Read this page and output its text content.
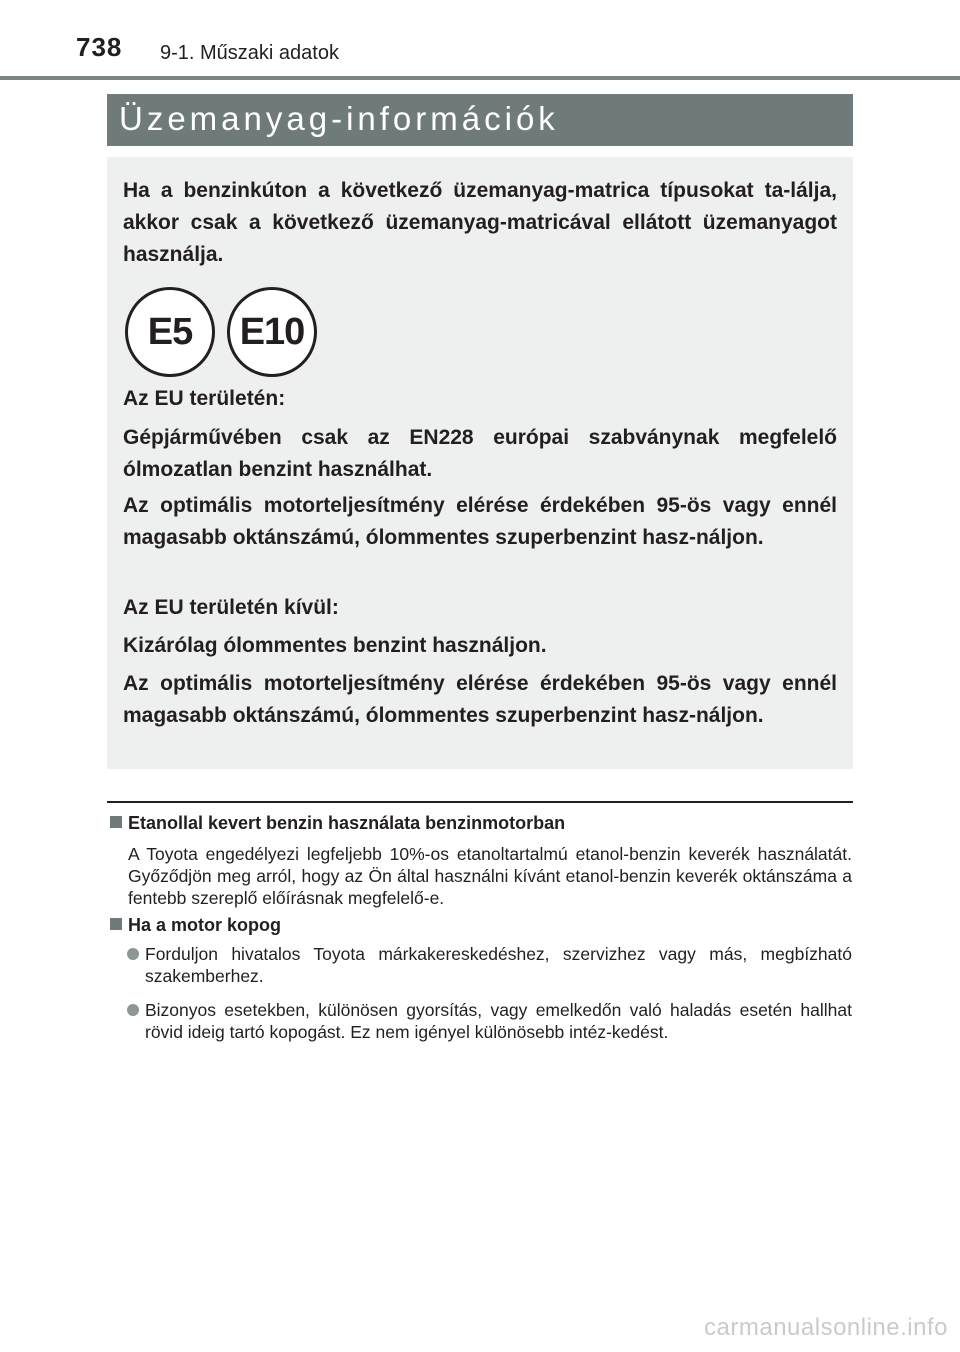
738 9-1. Műszaki adatok
Üzemanyag-információk
Ha a benzinkúton a következő üzemanyag-matrica típusokat ta-lálja, akkor csak a következő üzemanyag-matricával ellátott üzemanyagot használja.
E5	E10
Az EU területén:
Gépjárművében csak az EN228 európai szabványnak megfelelő ólmozatlan benzint használhat.
Az optimális motorteljesítmény elérése érdekében 95-ös vagy ennél magasabb oktánszámú, ólommentes szuperbenzint hasz-náljon.
Az EU területén kívül:
Kizárólag ólommentes benzint használjon.
Az optimális motorteljesítmény elérése érdekében 95-ös vagy ennél magasabb oktánszámú, ólommentes szuperbenzint hasz-náljon.
Etanollal kevert benzin használata benzinmotorban
A Toyota engedélyezi legfeljebb 10%-os etanoltartalmú etanol-benzin keverék használatát. Győződjön meg arról, hogy az Ön által használni kívánt etanol-benzin keverék oktánszáma a fentebb szereplő előírásnak megfelelő-e.
Ha a motor kopog
Forduljon hivatalos Toyota márkakereskedéshez, szervizhez vagy más, megbízható szakemberhez.
Bizonyos esetekben, különösen gyorsítás, vagy emelkedőn való haladás esetén hallhat rövid ideig tartó kopogást. Ez nem igényel különösebb intéz-kedést.
carmanualsonline.info
